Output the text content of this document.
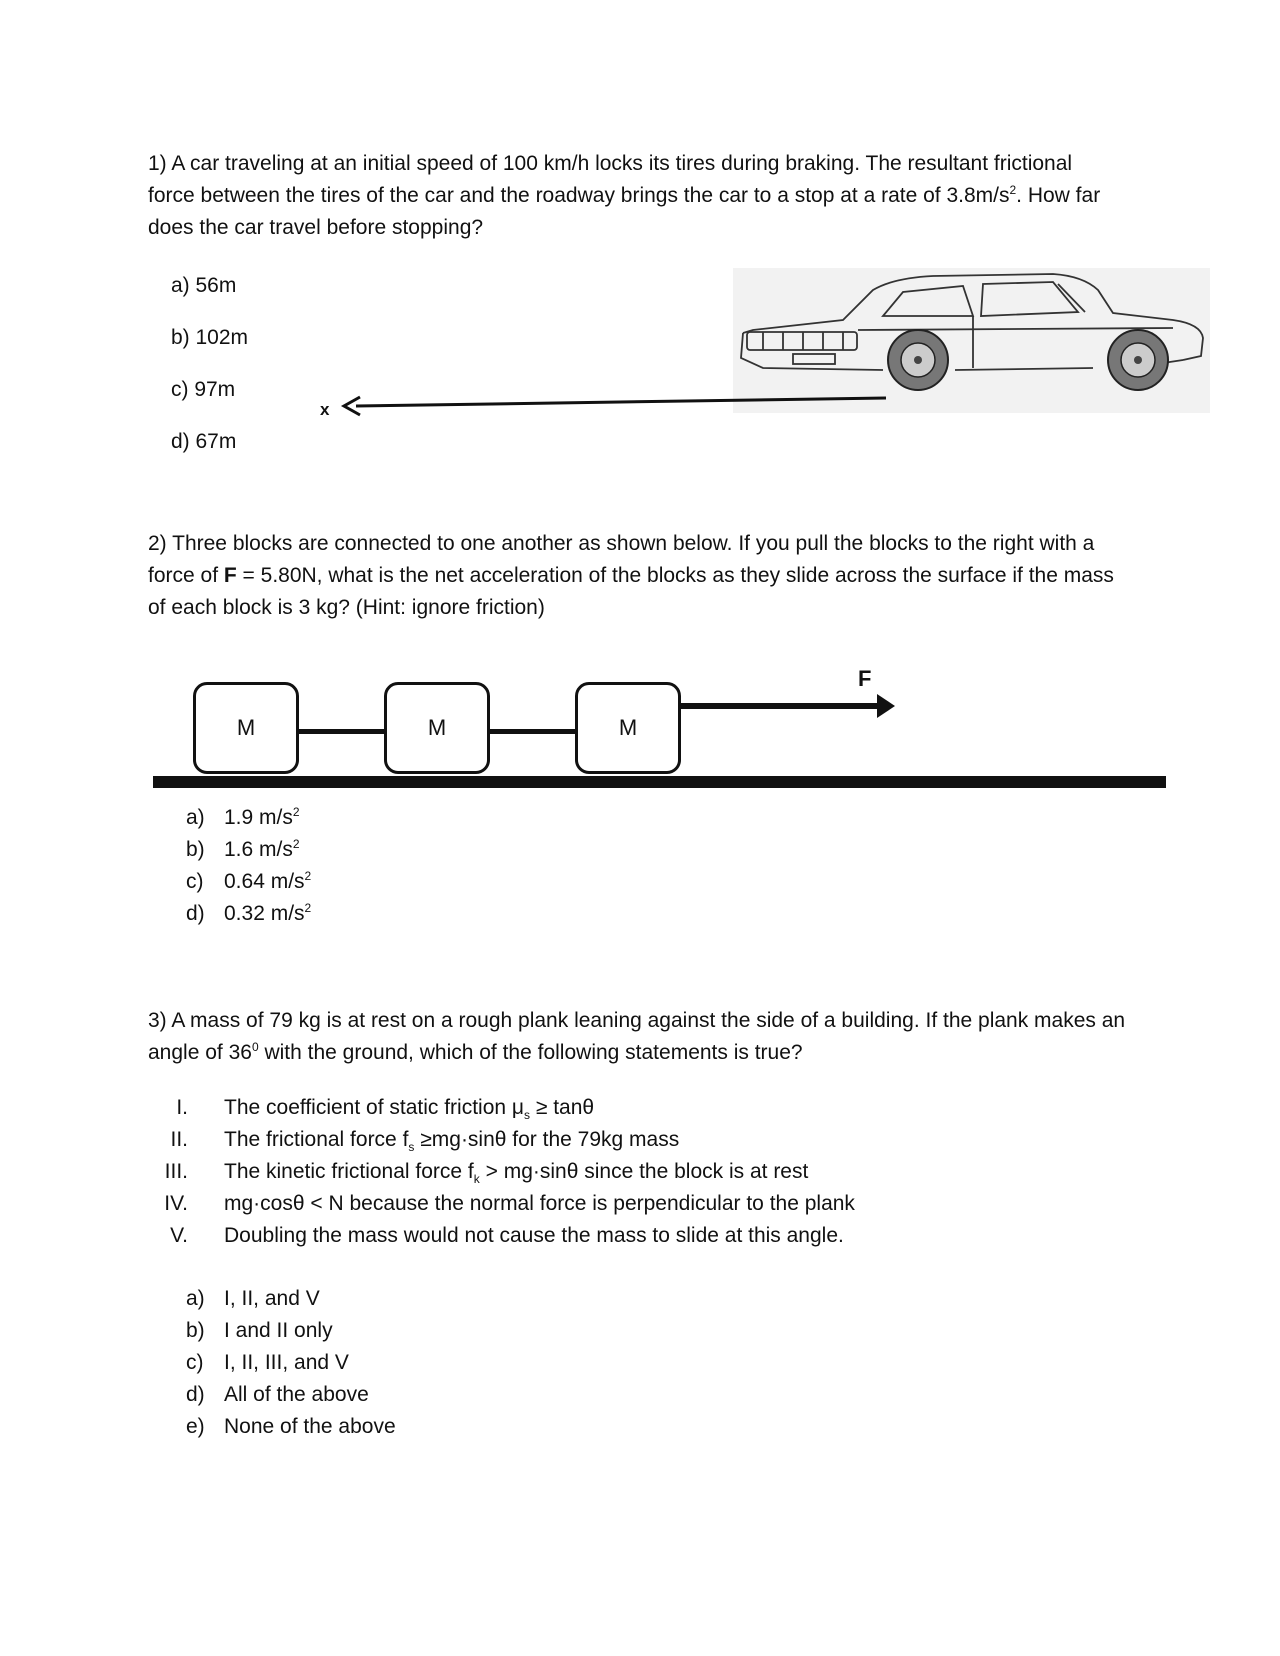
1) A car traveling at an initial speed of 100 km/h locks its tires during braking. The resultant frictional force between the tires of the car and the roadway brings the car to a stop at a rate of $3.8m/s^2$. How far does the car travel before stopping?
a) 56m
b) 102m
c) 97m
d) 67m
x
2) Three blocks are connected to one another as shown below. If you pull the blocks to the right with a force of F = 5.80N, what is the net acceleration of the blocks as they slide across the surface if the mass of each block is 3 kg? (Hint: ignore friction)
M	M	M
F
a) 1.9 $m/s^2$
b) 1.6 $m/s^2$
c) 0.64 $m/s^2$
d) 0.32 $m/s^2$
3) A mass of 79 kg is at rest on a rough plank leaning against the side of a building. If the plank makes an angle of $36^0$ with the ground, which of the following statements is true?
I. The coefficient of static friction $\mu_s \ge \tan\theta$
II. The frictional force $f_s \ge mg\cdot\sin\theta$ for the 79kg mass
III. The kinetic frictional force $f_k > mg\cdot\sin\theta$ since the block is at rest
IV. mg·cosθ < N because the normal force is perpendicular to the plank
V. Doubling the mass would not cause the mass to slide at this angle.
a) I, II, and V
b) I and II only
c) I, II, III, and V
d) All of the above
e) None of the above
